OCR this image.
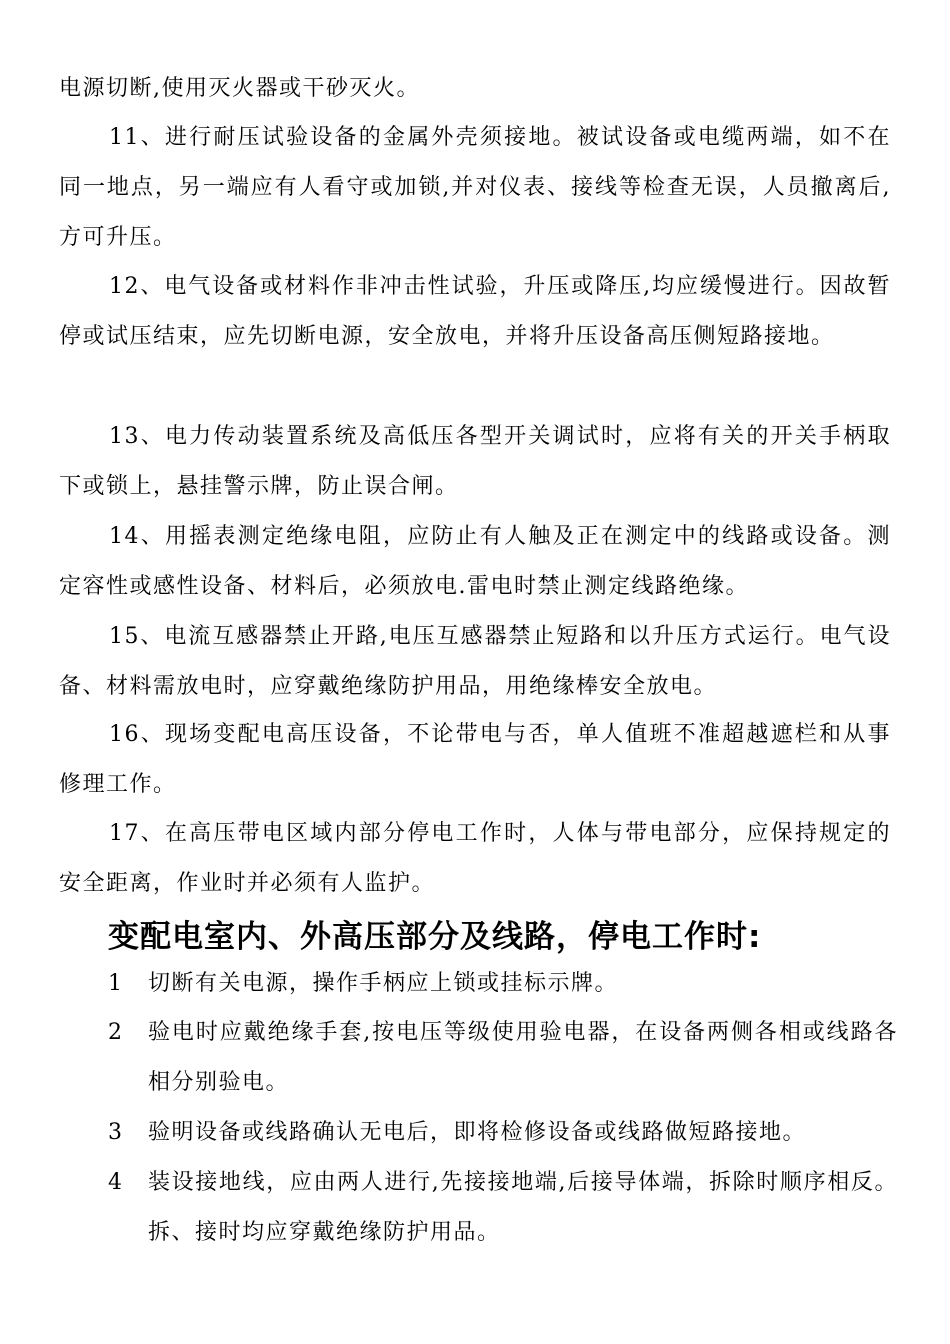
电源切断,使用灭火器或干砂灭火。

11、进行耐压试验设备的金属外壳须接地。被试设备或电缆两端，如不在同一地点，另一端应有人看守或加锁,并对仪表、接线等检查无误，人员撤离后,方可升压。

12、电气设备或材料作非冲击性试验，升压或降压,均应缓慢进行。因故暂停或试压结束，应先切断电源，安全放电，并将升压设备高压侧短路接地。

13、电力传动装置系统及高低压各型开关调试时，应将有关的开关手柄取下或锁上，悬挂警示牌，防止误合闸。

14、用摇表测定绝缘电阻，应防止有人触及正在测定中的线路或设备。测定容性或感性设备、材料后，必须放电.雷电时禁止测定线路绝缘。

15、电流互感器禁止开路,电压互感器禁止短路和以升压方式运行。电气设备、材料需放电时，应穿戴绝缘防护用品，用绝缘棒安全放电。

16、现场变配电高压设备，不论带电与否，单人值班不准超越遮栏和从事修理工作。

17、在高压带电区域内部分停电工作时，人体与带电部分，应保持规定的安全距离，作业时并必须有人监护。

变配电室内、外高压部分及线路，停电工作时:
1	切断有关电源，操作手柄应上锁或挂标示牌。
2	验电时应戴绝缘手套,按电压等级使用验电器，在设备两侧各相或线路各相分别验电。
3	验明设备或线路确认无电后，即将检修设备或线路做短路接地。
4	装设接地线，应由两人进行,先接接地端,后接导体端，拆除时顺序相反。拆、接时均应穿戴绝缘防护用品。
